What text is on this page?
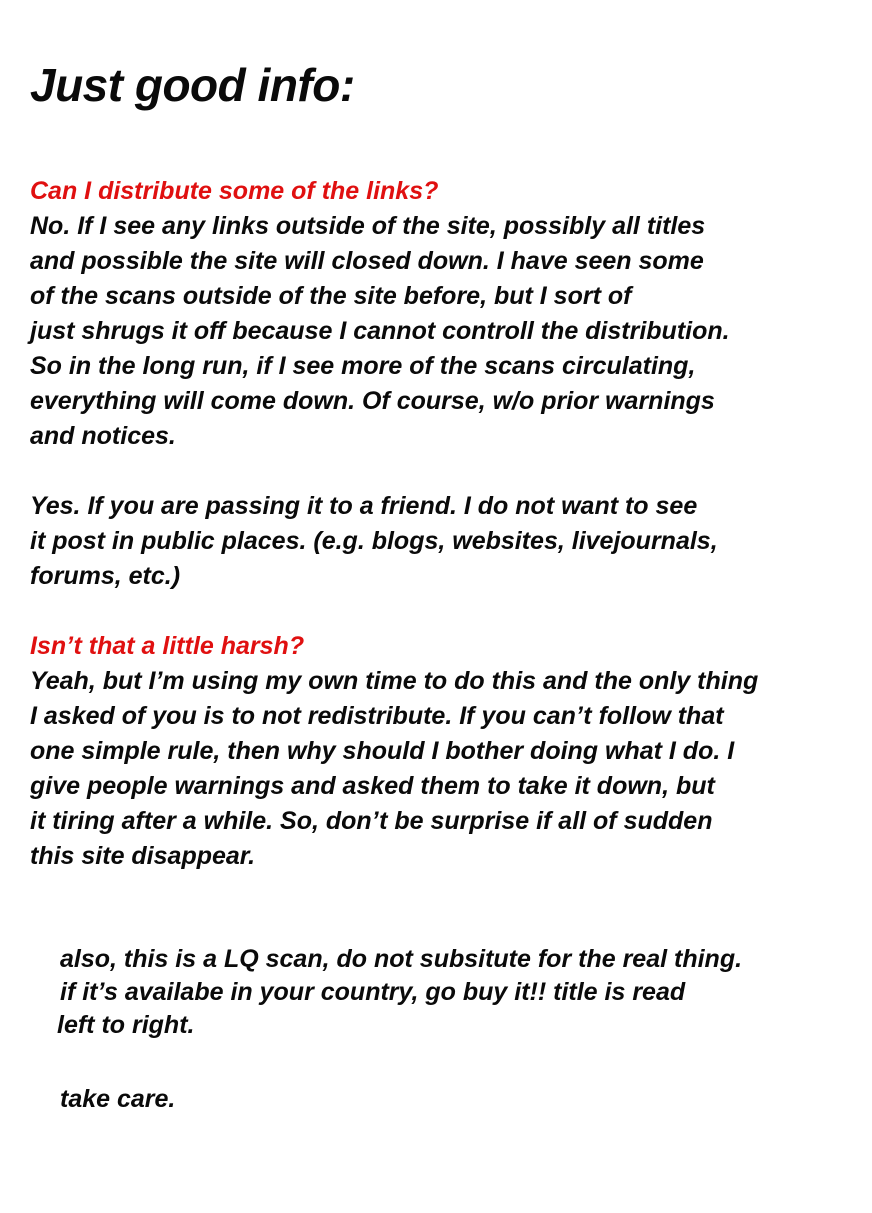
Just good info:

Can I distribute some of the links?

No. If I see any links outside of the site, possibly all titles
and possible the site will closed down. I have seen some
of the scans outside of the site before, but I sort of
just shrugs it off because I cannot controll the distribution.
So in the long run, if I see more of the scans circulating,
everything will come down. Of course, w/o prior warnings
and notices.
Yes. If you are passing it to a friend. I do not want to see
it post in public places. (e.g. blogs, websites, livejournals,
forums, etc.)

Isn’t that a little harsh?

Yeah, but I’m using my own time to do this and the only thing
I asked of you is to not redistribute. If you can’t follow that
one simple rule, then why should I bother doing what I do. I
give people warnings and asked them to take it down, but
it tiring after a while. So, don’t be surprise if all of sudden
this site disappear.
also, this is a LQ scan, do not subsitute for the real thing.
if it’s availabe in your country, go buy it!! title is read
left to right.

take care.
